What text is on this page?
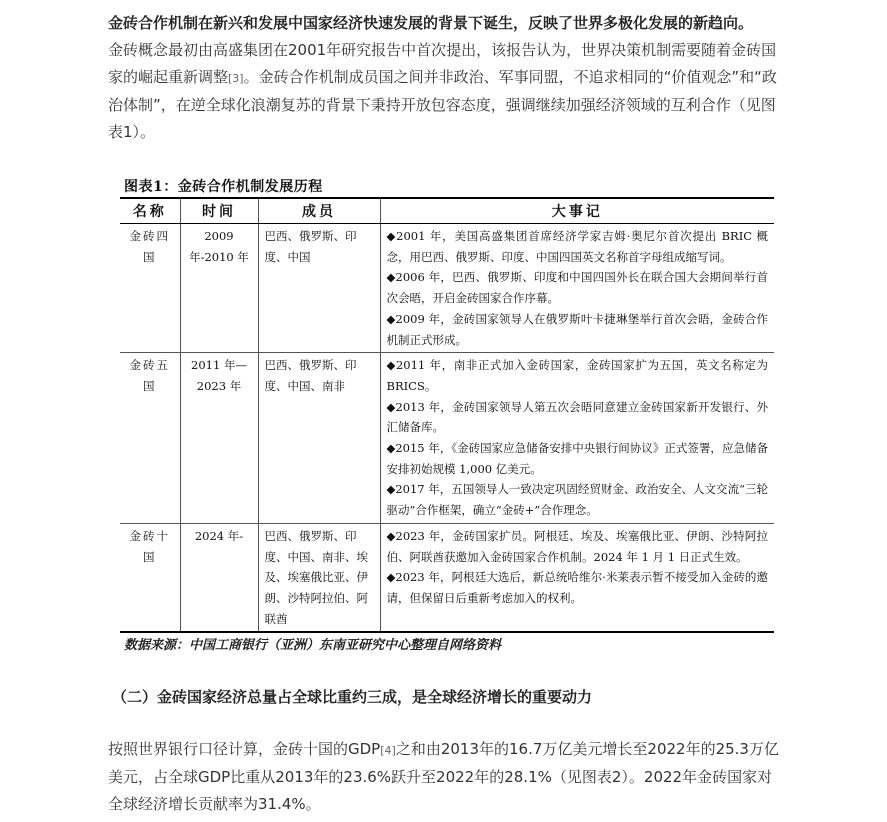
金砖合作机制在新兴和发展中国家经济快速发展的背景下诞生，反映了世界多极化发展的新趋向。
金砖概念最初由高盛集团在2001年研究报告中首次提出，该报告认为，世界决策机制需要随着金砖国家的崛起重新调整[3]。金砖合作机制成员国之间并非政治、军事同盟，不追求相同的“价值观念”和“政治体制”，在逆全球化浪潮复苏的背景下秉持开放包容态度，强调继续加强经济领域的互利合作（见图表1）。
图表1：金砖合作机制发展历程
名称	时间	成员	大事记
金砖四国	2009 年-2010 年	巴西、俄罗斯、印度、中国	◆2001 年，美国高盛集团首席经济学家吉姆·奥尼尔首次提出 BRIC 概念，用巴西、俄罗斯、印度、中国四国英文名称首字母组成缩写词。
◆2006 年，巴西、俄罗斯、印度和中国四国外长在联合国大会期间举行首次会晤，开启金砖国家合作序幕。
◆2009 年，金砖国家领导人在俄罗斯叶卡捷琳堡举行首次会晤，金砖合作机制正式形成。

金砖五国	2011 年—2023 年	巴西、俄罗斯、印度、中国、南非	◆2011 年，南非正式加入金砖国家，金砖国家扩为五国，英文名称定为 BRICS。
◆2013 年，金砖国家领导人第五次会晤同意建立金砖国家新开发银行、外汇储备库。
◆2015 年，《金砖国家应急储备安排中央银行间协议》正式签署，应急储备安排初始规模 1,000 亿美元。
◆2017 年，五国领导人一致决定巩固经贸财金、政治安全、人文交流“三轮驱动”合作框架，确立“金砖+”合作理念。

金砖十国	2024 年-	巴西、俄罗斯、印度、中国、南非、埃及、埃塞俄比亚、伊朗、沙特阿拉伯、阿联酋	◆2023 年，金砖国家扩员。阿根廷、埃及、埃塞俄比亚、伊朗、沙特阿拉伯、阿联酋获邀加入金砖国家合作机制。2024 年 1 月 1 日正式生效。
◆2023 年，阿根廷大选后，新总统哈维尔·米莱表示暂不接受加入金砖的邀请，但保留日后重新考虑加入的权利。
数据来源：中国工商银行（亚洲）东南亚研究中心整理自网络资料
（二）金砖国家经济总量占全球比重约三成，是全球经济增长的重要动力
按照世界银行口径计算，金砖十国的GDP[4]之和由2013年的16.7万亿美元增长至2022年的25.3万亿美元，占全球GDP比重从2013年的23.6%跃升至2022年的28.1%（见图表2）。2022年金砖国家对全球经济增长贡献率为31.4%。
